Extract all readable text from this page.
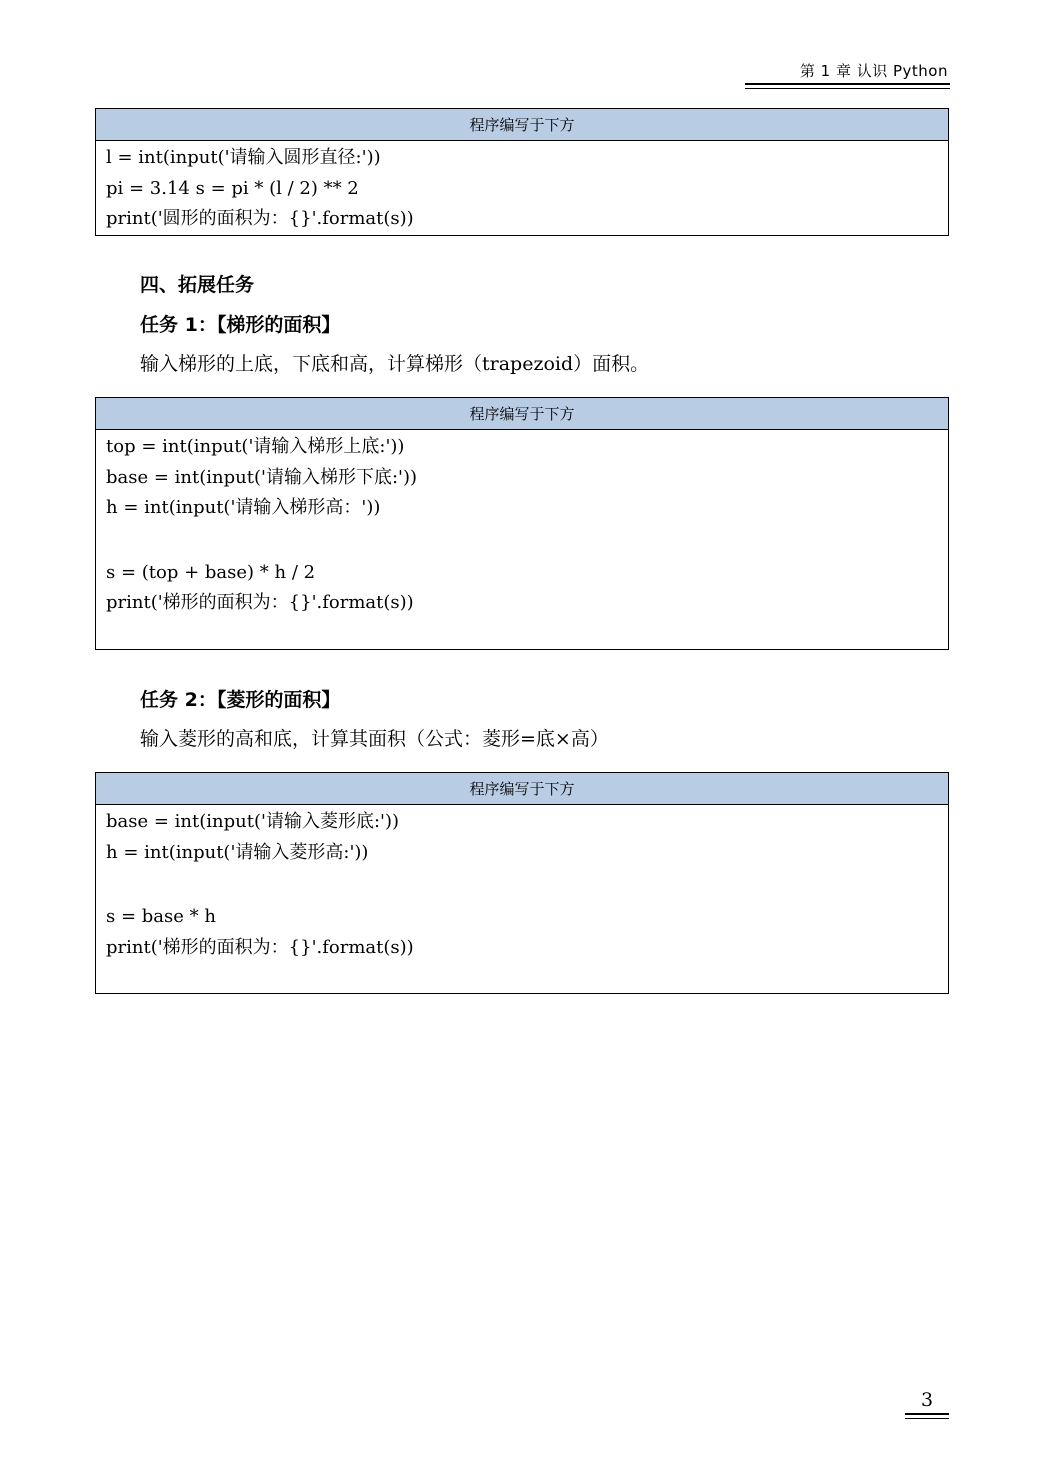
第 1 章 认识 Python
程序编写于下方
l = int(input('请输入圆形直径:'))
pi = 3.14 s = pi * (l / 2) ** 2
print('圆形的面积为：{}'.format(s))
四、拓展任务
任务 1：【梯形的面积】
输入梯形的上底，下底和高，计算梯形（trapezoid）面积。
程序编写于下方
top = int(input('请输入梯形上底:'))
base = int(input('请输入梯形下底:'))
h = int(input('请输入梯形高：'))
s = (top + base) * h / 2
print('梯形的面积为：{}'.format(s))
任务 2：【菱形的面积】
输入菱形的高和底，计算其面积（公式：菱形=底×高）
程序编写于下方
base = int(input('请输入菱形底:'))
h = int(input('请输入菱形高:'))
s = base * h
print('梯形的面积为：{}'.format(s))
3
